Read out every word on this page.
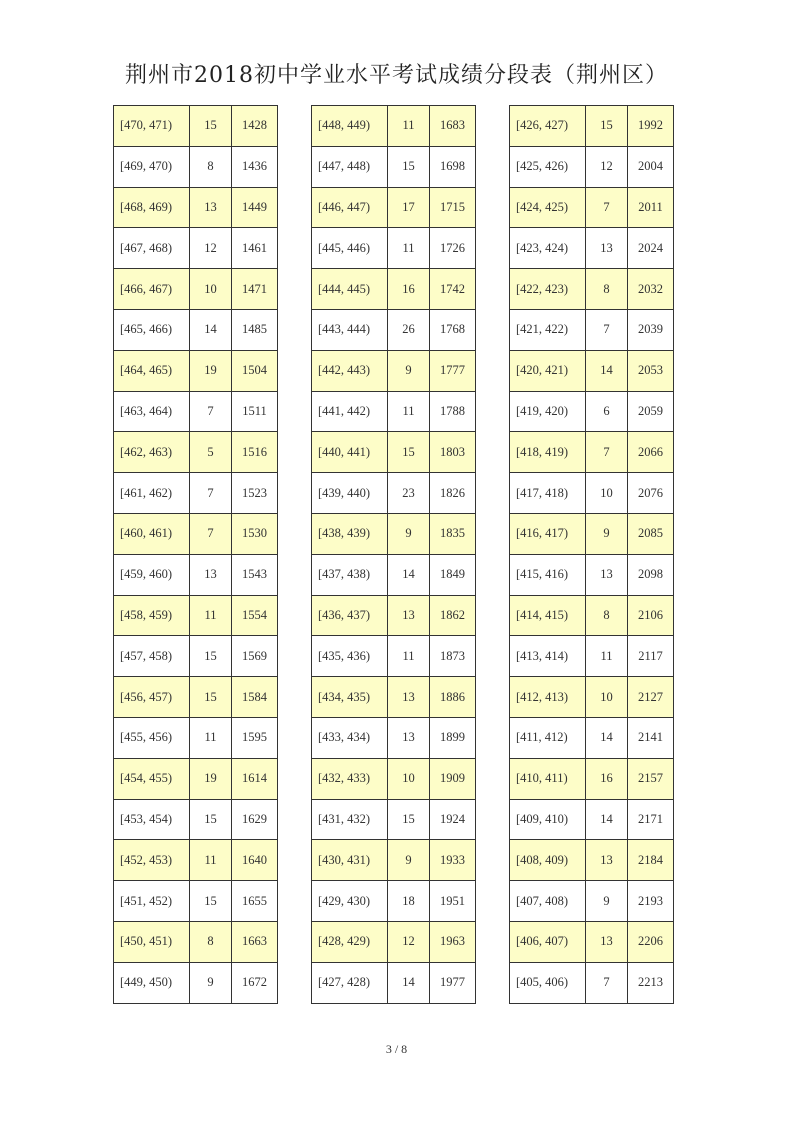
荆州市2018初中学业水平考试成绩分段表（荆州区）
[470, 471)	15	1428
[469, 470)	8	1436
[468, 469)	13	1449
[467, 468)	12	1461
[466, 467)	10	1471
[465, 466)	14	1485
[464, 465)	19	1504
[463, 464)	7	1511
[462, 463)	5	1516
[461, 462)	7	1523
[460, 461)	7	1530
[459, 460)	13	1543
[458, 459)	11	1554
[457, 458)	15	1569
[456, 457)	15	1584
[455, 456)	11	1595
[454, 455)	19	1614
[453, 454)	15	1629
[452, 453)	11	1640
[451, 452)	15	1655
[450, 451)	8	1663
[449, 450)	9	1672
[448, 449)	11	1683
[447, 448)	15	1698
[446, 447)	17	1715
[445, 446)	11	1726
[444, 445)	16	1742
[443, 444)	26	1768
[442, 443)	9	1777
[441, 442)	11	1788
[440, 441)	15	1803
[439, 440)	23	1826
[438, 439)	9	1835
[437, 438)	14	1849
[436, 437)	13	1862
[435, 436)	11	1873
[434, 435)	13	1886
[433, 434)	13	1899
[432, 433)	10	1909
[431, 432)	15	1924
[430, 431)	9	1933
[429, 430)	18	1951
[428, 429)	12	1963
[427, 428)	14	1977
[426, 427)	15	1992
[425, 426)	12	2004
[424, 425)	7	2011
[423, 424)	13	2024
[422, 423)	8	2032
[421, 422)	7	2039
[420, 421)	14	2053
[419, 420)	6	2059
[418, 419)	7	2066
[417, 418)	10	2076
[416, 417)	9	2085
[415, 416)	13	2098
[414, 415)	8	2106
[413, 414)	11	2117
[412, 413)	10	2127
[411, 412)	14	2141
[410, 411)	16	2157
[409, 410)	14	2171
[408, 409)	13	2184
[407, 408)	9	2193
[406, 407)	13	2206
[405, 406)	7	2213
3 / 8
